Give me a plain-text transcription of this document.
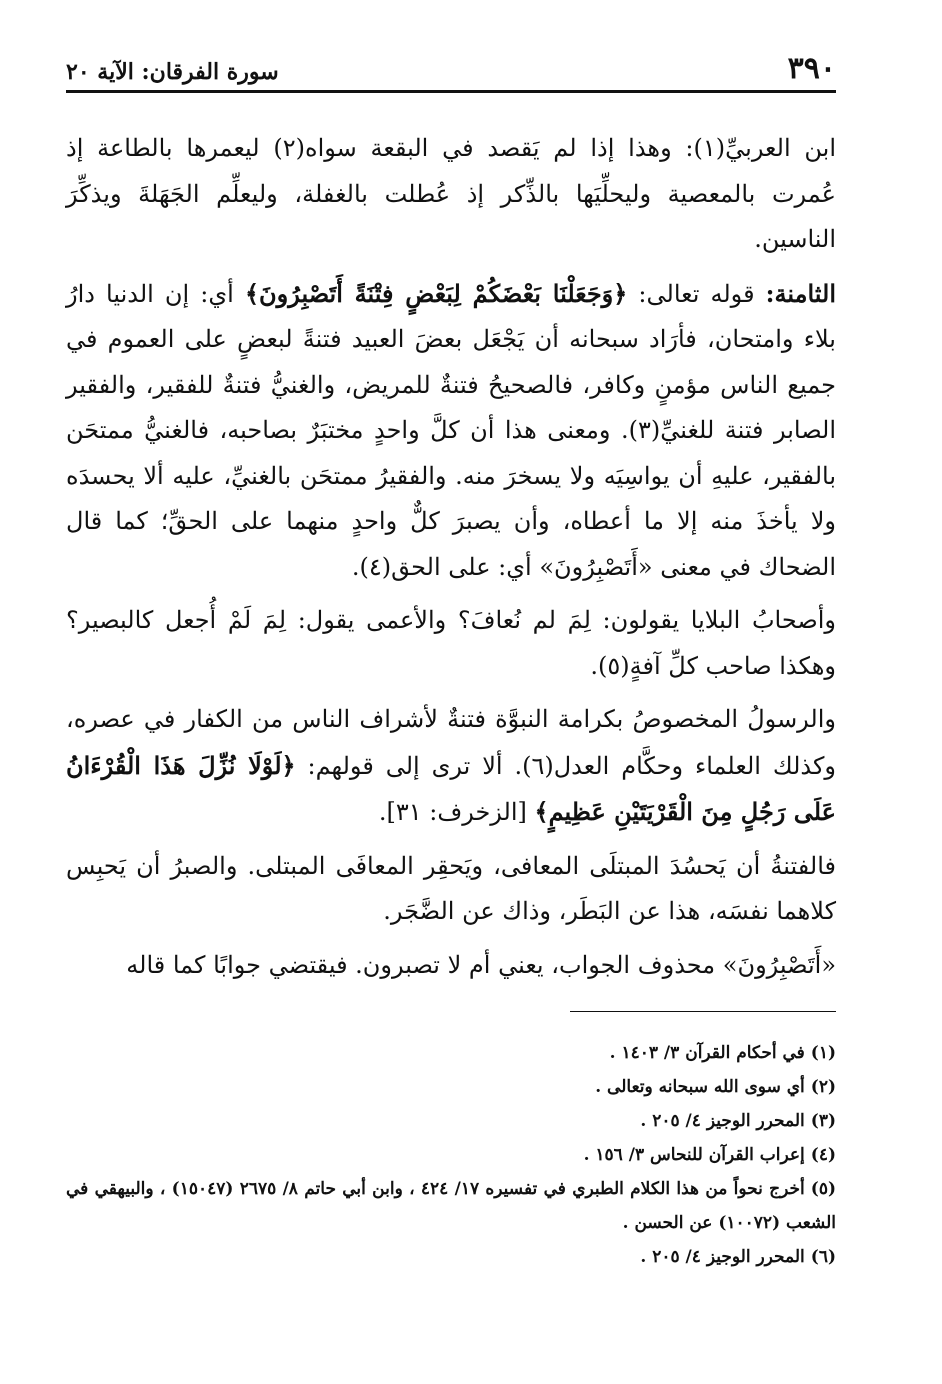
٣٩٠
سورة الفرقان: الآية ٢٠

ابن العربيِّ(١): وهذا إذا لم يَقصد في البقعة سواه(٢) ليعمرها بالطاعة إذ عُمرت بالمعصية وليحلِّيَها بالذِّكر إذ عُطلت بالغفلة، وليعلِّم الجَهَلةَ ويذكِّرَ الناسين.

الثامنة: قوله تعالى: ﴿وَجَعَلْنَا بَعْضَكُمْ لِبَعْضٍ فِتْنَةً أَتَصْبِرُونَ﴾ أي: إن الدنيا دارُ بلاء وامتحان، فأرَاد سبحانه أن يَجْعَل بعضَ العبيد فتنةً لبعضٍ على العموم في جميع الناس مؤمنٍ وكافر، فالصحيحُ فتنةٌ للمريض، والغنيُّ فتنةٌ للفقير، والفقير الصابر فتنة للغنيِّ(٣). ومعنى هذا أن كلَّ واحدٍ مختبَرٌ بصاحبه، فالغنيُّ ممتحَن بالفقير، عليهِ أن يواسِيَه ولا يسخرَ منه. والفقيرُ ممتحَن بالغنيِّ، عليه ألا يحسدَه ولا يأخذَ منه إلا ما أعطاه، وأن يصبرَ كلٌّ واحدٍ منهما على الحقِّ؛ كما قال الضحاك في معنى «أَتَصْبِرُونَ» أي: على الحق(٤).

وأصحابُ البلايا يقولون: لِمَ لم نُعافَ؟ والأعمى يقول: لِمَ لَمْ أُجعل كالبصير؟ وهكذا صاحب كلِّ آفةٍ(٥).

والرسولُ المخصوصُ بكرامة النبوَّة فتنةٌ لأشراف الناس من الكفار في عصره، وكذلك العلماء وحكَّام العدل(٦). ألا ترى إلى قولهم: ﴿لَوْلَا نُزِّلَ هَذَا الْقُرْءَانُ عَلَى رَجُلٍ مِنَ الْقَرْيَتَيْنِ عَظِيمٍ﴾ [الزخرف: ٣١].

فالفتنةُ أن يَحسُدَ المبتلَى المعافى، ويَحقِر المعافَى المبتلى. والصبرُ أن يَحبِس كلاهما نفسَه، هذا عن البَطَر، وذاك عن الضَّجَر.

«أَتَصْبِرُونَ» محذوف الجواب، يعني أم لا تصبرون. فيقتضي جوابًا كما قاله

(١)في أحكام القرآن ٣/ ١٤٠٣ .

(٢)أي سوى الله سبحانه وتعالى .

(٣)المحرر الوجيز ٤/ ٢٠٥ .

(٤)إعراب القرآن للنحاس ٣/ ١٥٦ .

(٥)أخرج نحواً من هذا الكلام الطبري في تفسيره ١٧/ ٤٢٤ ، وابن أبي حاتم ٨/ ٢٦٧٥ (١٥٠٤٧) ، والبيهقي في الشعب (١٠٠٧٢) عن الحسن .

(٦)المحرر الوجيز ٤/ ٢٠٥ .
